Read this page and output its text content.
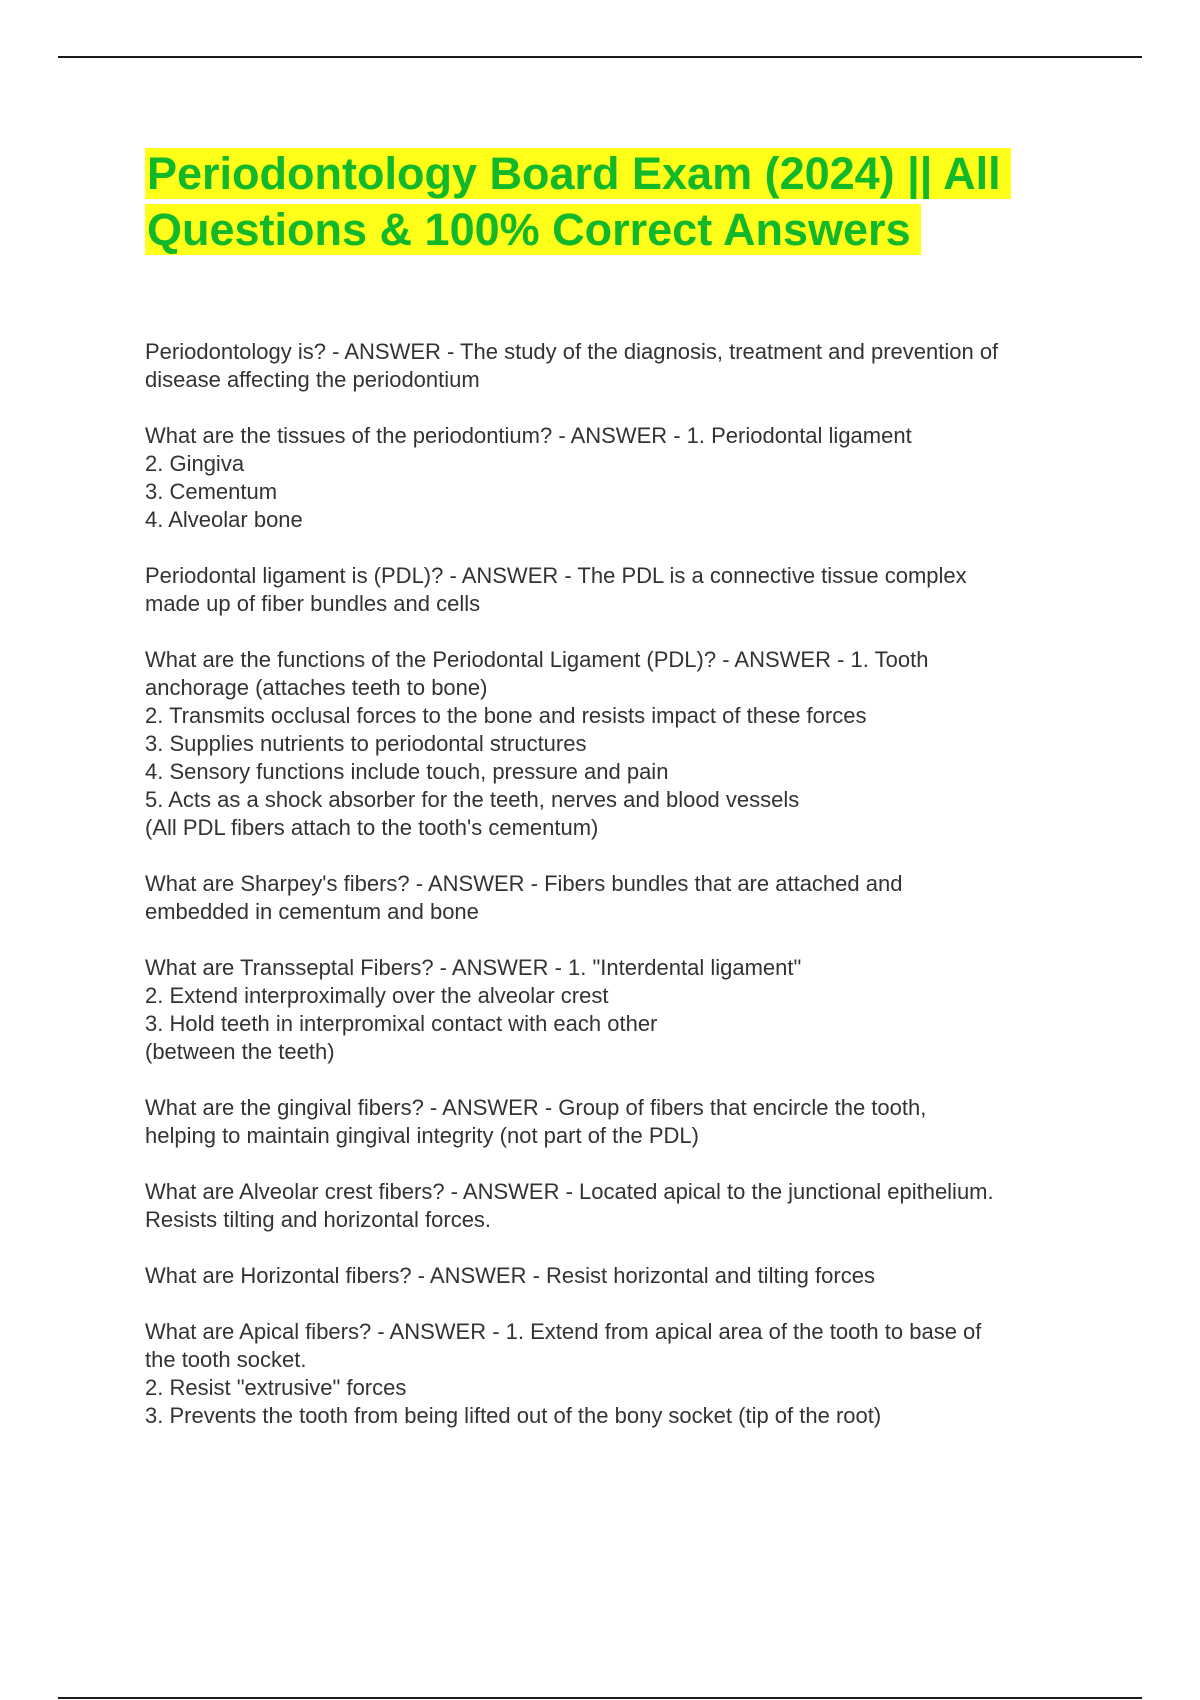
Periodontology Board Exam (2024) || All
Questions & 100% Correct Answers

Periodontology is? - ANSWER - The study of the diagnosis, treatment and prevention of
disease affecting the periodontium

What are the tissues of the periodontium? - ANSWER - 1. Periodontal ligament
2. Gingiva
3. Cementum
4. Alveolar bone

Periodontal ligament is (PDL)? - ANSWER - The PDL is a connective tissue complex
made up of fiber bundles and cells

What are the functions of the Periodontal Ligament (PDL)? - ANSWER - 1. Tooth
anchorage (attaches teeth to bone)
2. Transmits occlusal forces to the bone and resists impact of these forces
3. Supplies nutrients to periodontal structures
4. Sensory functions include touch, pressure and pain
5. Acts as a shock absorber for the teeth, nerves and blood vessels
(All PDL fibers attach to the tooth's cementum)

What are Sharpey's fibers? - ANSWER - Fibers bundles that are attached and
embedded in cementum and bone

What are Transseptal Fibers? - ANSWER - 1. "Interdental ligament"
2. Extend interproximally over the alveolar crest
3. Hold teeth in interpromixal contact with each other
(between the teeth)

What are the gingival fibers? - ANSWER - Group of fibers that encircle the tooth,
helping to maintain gingival integrity (not part of the PDL)

What are Alveolar crest fibers? - ANSWER - Located apical to the junctional epithelium.
Resists tilting and horizontal forces.

What are Horizontal fibers? - ANSWER - Resist horizontal and tilting forces

What are Apical fibers? - ANSWER - 1. Extend from apical area of the tooth to base of
the tooth socket.
2. Resist "extrusive" forces
3. Prevents the tooth from being lifted out of the bony socket (tip of the root)
